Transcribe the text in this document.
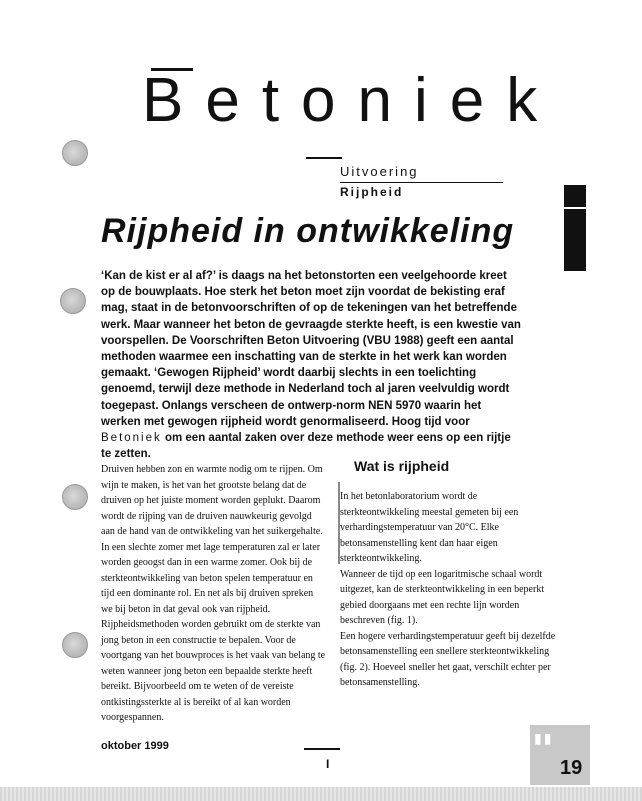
Betoniek
Uitvoering
Rijpheid
Rijpheid in ontwikkeling

‘Kan de kist er al af?’ is daags na het betonstorten een veelgehoorde kreet op de bouwplaats. Hoe sterk het beton moet zijn voordat de bekisting eraf mag, staat in de betonvoorschriften of op de tekeningen van het betreffende werk. Maar wanneer het beton de gevraagde sterkte heeft, is een kwestie van voorspellen. De Voorschriften Beton Uitvoering (VBU 1988) geeft een aantal methoden waarmee een inschatting van de sterkte in het werk kan worden gemaakt. ‘Gewogen Rijpheid’ wordt daarbij slechts in een toelichting genoemd, terwijl deze methode in Nederland toch al jaren veelvuldig wordt toegepast. Onlangs verscheen de ontwerp-norm NEN 5970 waarin het werken met gewogen rijpheid wordt genormaliseerd. Hoog tijd voor Betoniek om een aantal zaken over deze methode weer eens op een rijtje te zetten.

Druiven hebben zon en warmte nodig om te rijpen. Om wijn te maken, is het van het grootste belang dat de druiven op het juiste moment worden geplukt. Daarom wordt de rijping van de druiven nauwkeurig gevolgd aan de hand van de ontwikkeling van het suikergehalte. In een slechte zomer met lage temperaturen zal er later worden geoogst dan in een warme zomer. Ook bij de sterkteontwikkeling van beton spelen temperatuur en tijd een dominante rol. En net als bij druiven spreken we bij beton in dat geval ook van rijpheid. Rijpheidsmethoden worden gebruikt om de sterkte van jong beton in een constructie te bepalen. Voor de voortgang van het bouwproces is het vaak van belang te weten wanneer jong beton een bepaalde sterkte heeft bereikt. Bijvoorbeeld om te weten of de vereiste ontkistingssterkte al is bereikt of al kan worden voorgespannen.

Wat is rijpheid

In het betonlaboratorium wordt de sterkteontwikkeling meestal gemeten bij een verhardingstemperatuur van 20°C. Elke betonsamenstelling kent dan haar eigen sterkteontwikkeling.

Wanneer de tijd op een logaritmische schaal wordt uitgezet, kan de sterkteontwikkeling in een beperkt gebied doorgaans met een rechte lijn worden beschreven (fig. 1).

Een hogere verhardingstemperatuur geeft bij dezelfde betonsamenstelling een snellere sterkteontwikkeling (fig. 2). Hoeveel sneller het gaat, verschilt echter per betonsamenstelling.

oktober 1999
I
▮▮
19
